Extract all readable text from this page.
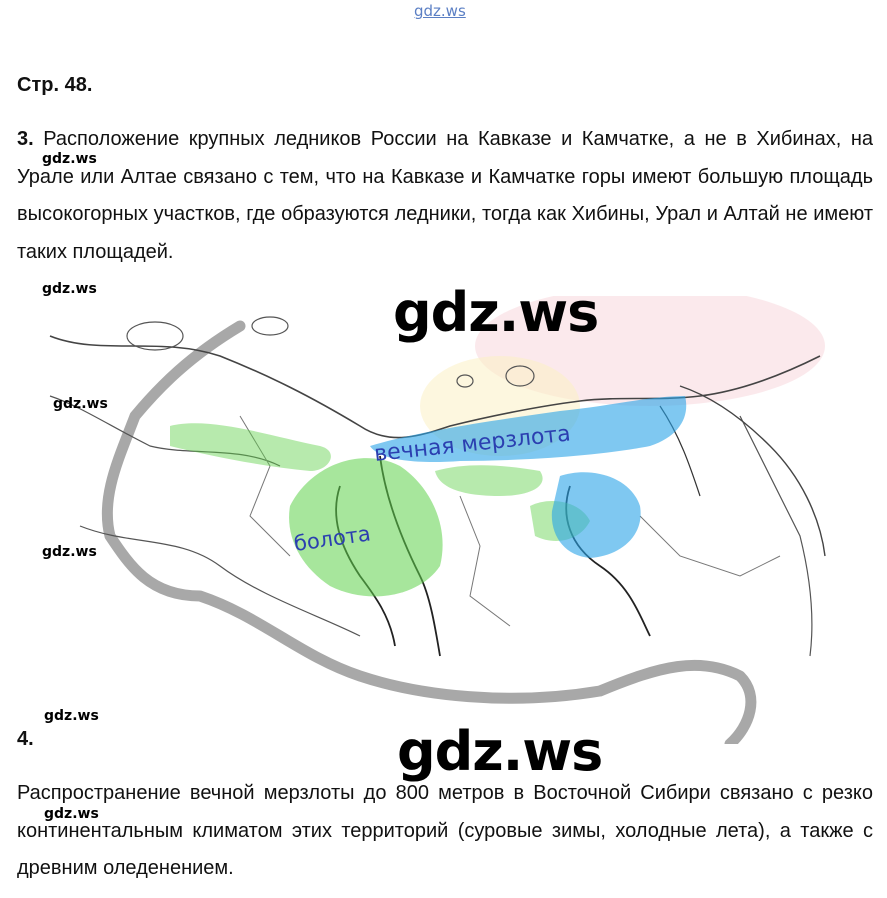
gdz.ws
Стр. 48.
3. Расположение крупных ледников России на Кавказе и Камчатке, а не в Хибинах, на Урале или Алтае связано с тем, что на Кавказе и Камчатке горы имеют большую площадь высокогорных участков, где образуются ледники, тогда как Хибины, Урал и Алтай не имеют таких площадей.
gdz.ws
вечная мерзлота
болота
gdz.ws
gdz.ws
gdz.ws
gdz.ws
gdz.ws
4.	gdz.ws
Распространение вечной мерзлоты до 800 метров в Восточной Сибири связано с резко континентальным климатом этих территорий (суровые зимы, холодные лета), а также с древним оледенением.
gdz.ws
